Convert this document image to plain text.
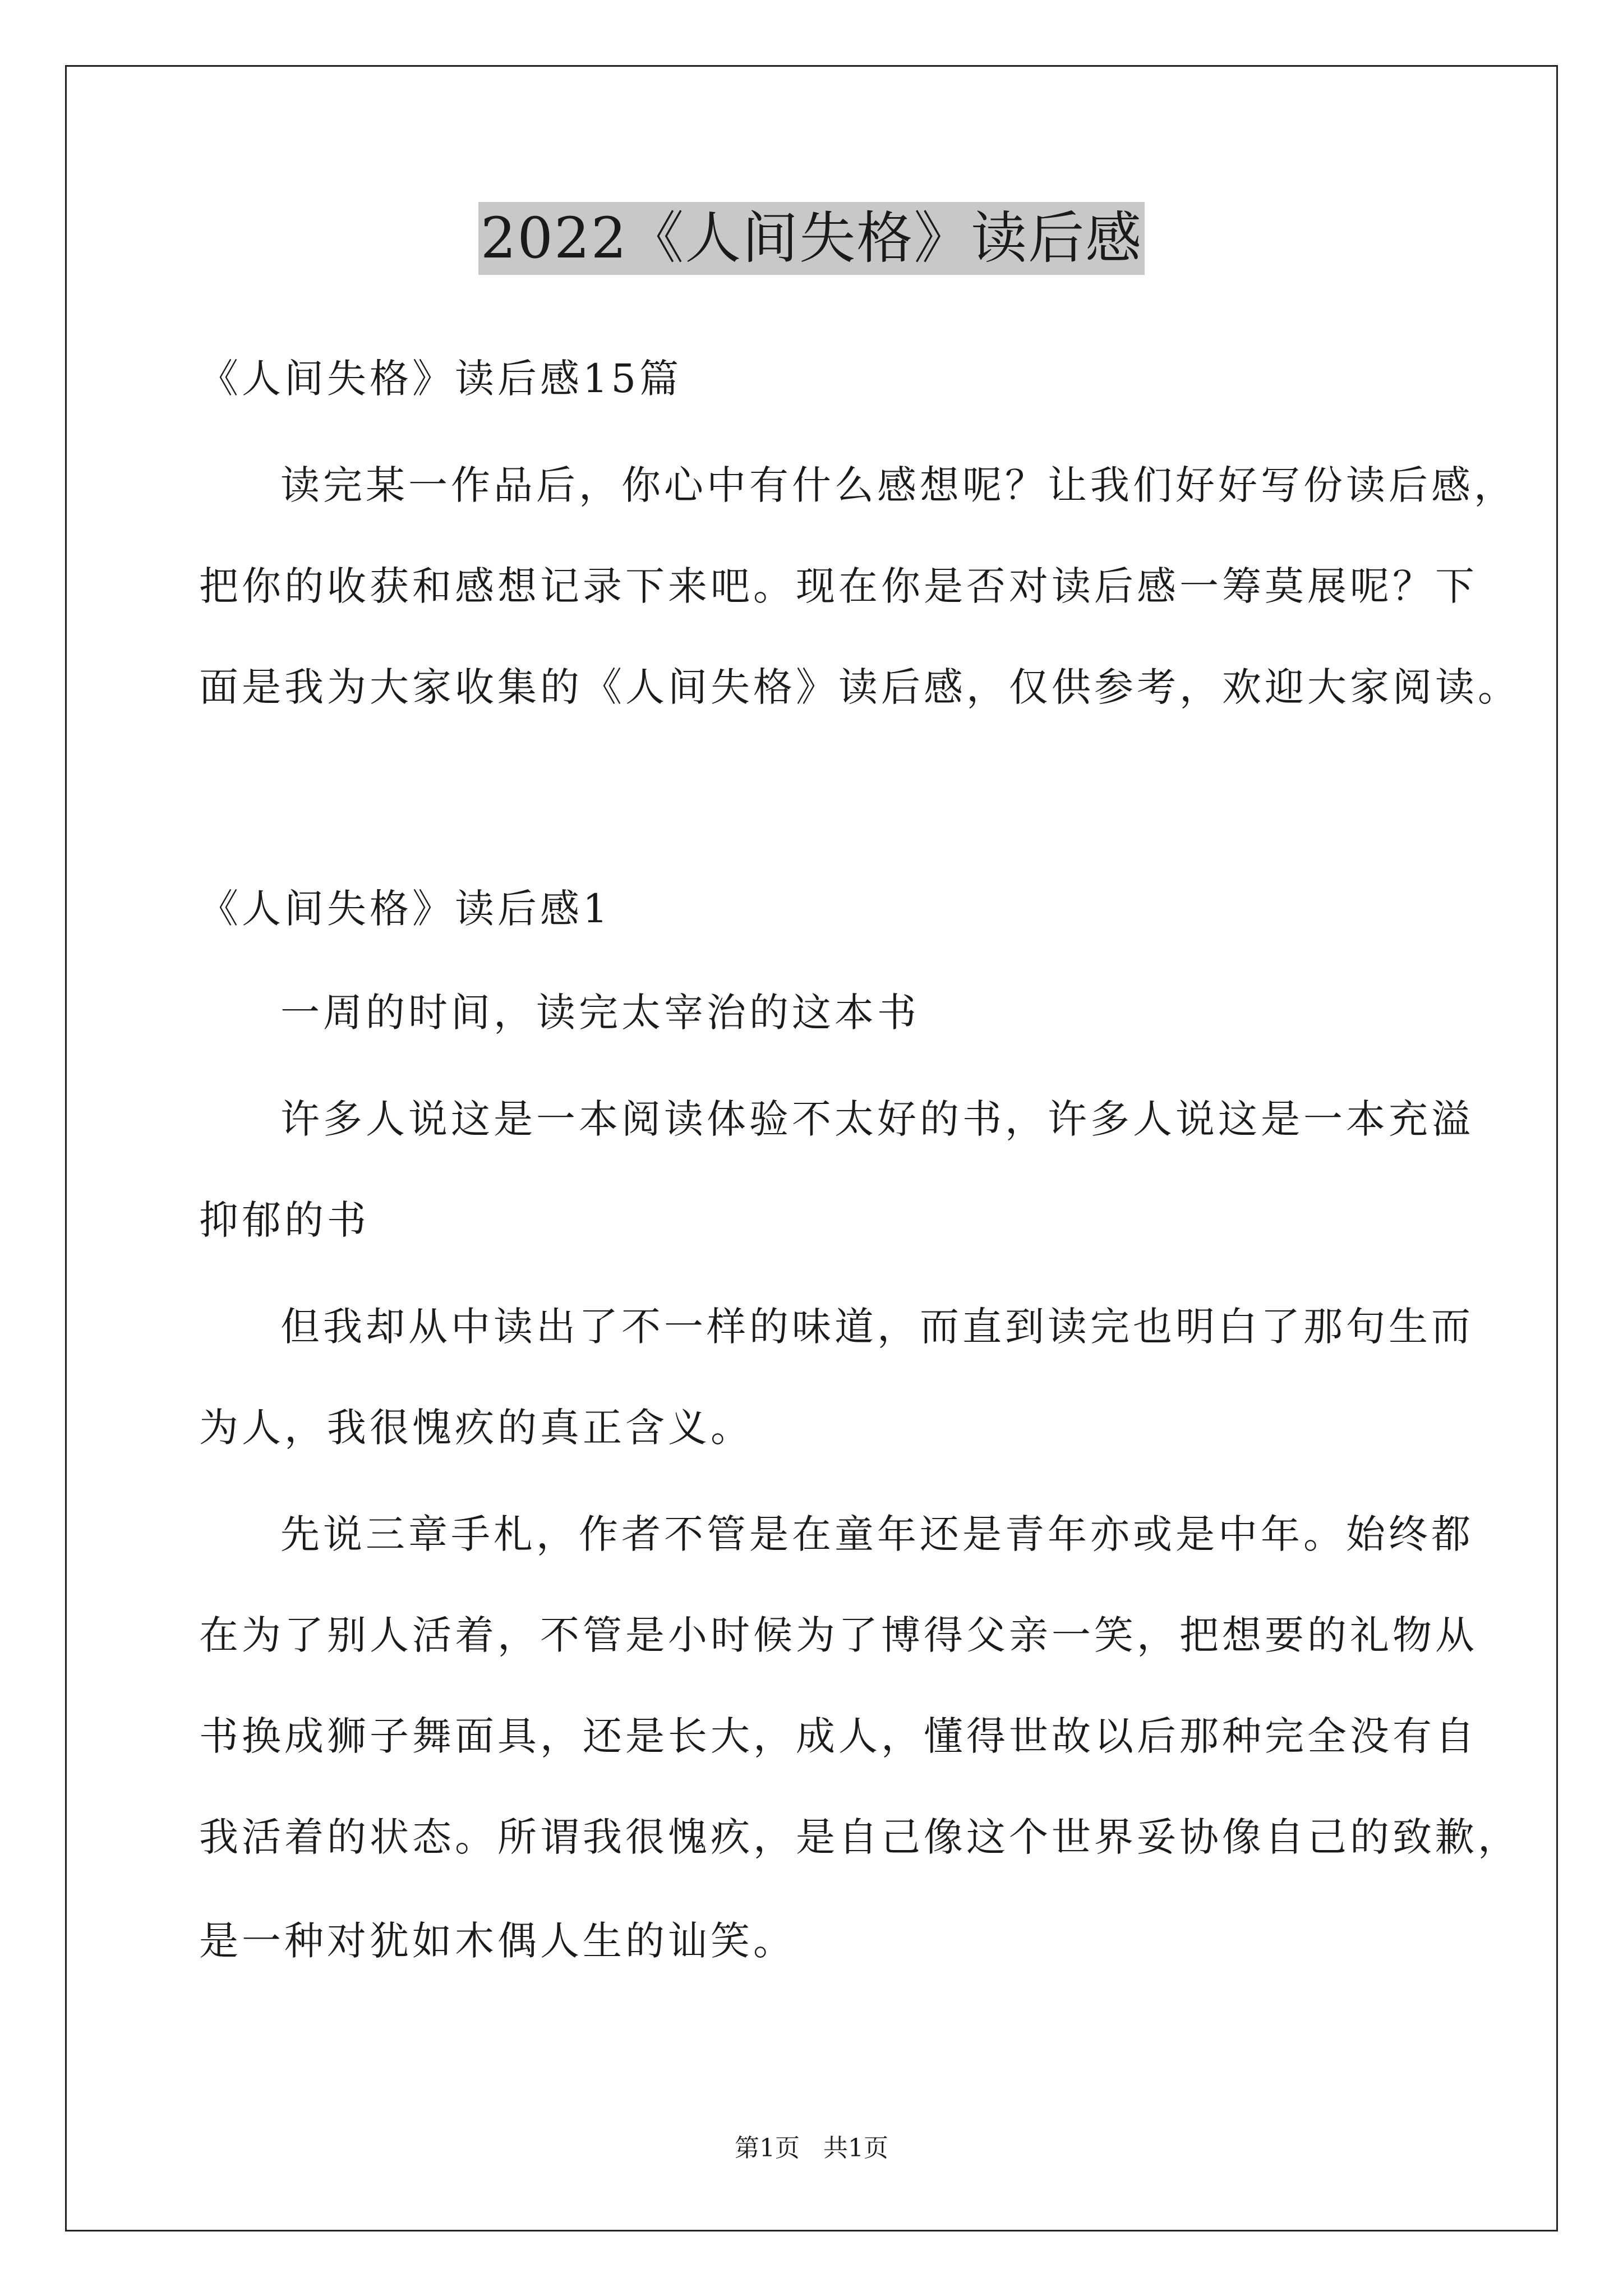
2022《人间失格》读后感
《人间失格》读后感15篇
读完某一作品后，你心中有什么感想呢？让我们好好写份读后感，
把你的收获和感想记录下来吧。现在你是否对读后感一筹莫展呢？下
面是我为大家收集的《人间失格》读后感，仅供参考，欢迎大家阅读。
《人间失格》读后感1
一周的时间，读完太宰治的这本书
许多人说这是一本阅读体验不太好的书，许多人说这是一本充溢
抑郁的书
但我却从中读出了不一样的味道，而直到读完也明白了那句生而
为人，我很愧疚的真正含义。
先说三章手札，作者不管是在童年还是青年亦或是中年。始终都
在为了别人活着，不管是小时候为了博得父亲一笑，把想要的礼物从
书换成狮子舞面具，还是长大，成人，懂得世故以后那种完全没有自
我活着的状态。所谓我很愧疚，是自己像这个世界妥协像自己的致歉，
是一种对犹如木偶人生的讪笑。
第1页 共1页
